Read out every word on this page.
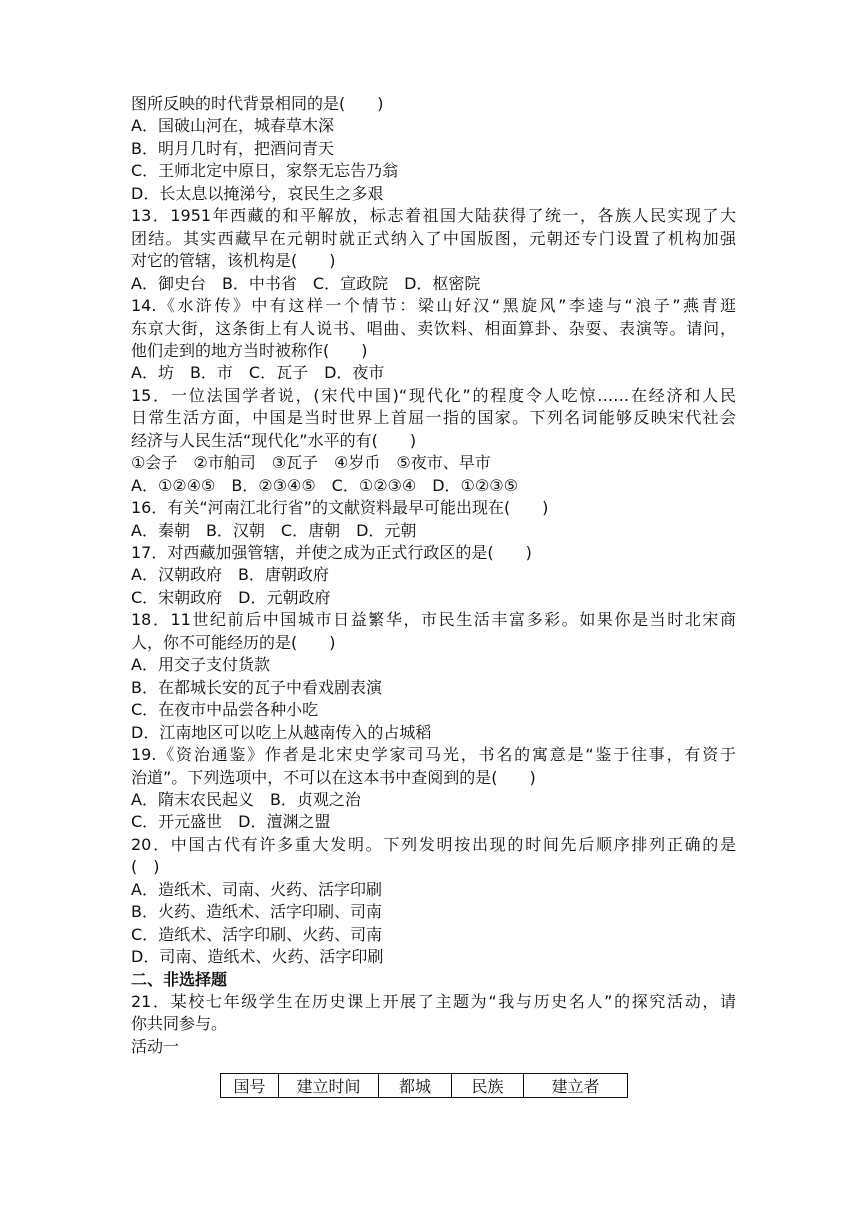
图所反映的时代背景相同的是(　　)
A．国破山河在，城春草木深
B．明月几时有，把酒问青天
C．王师北定中原日，家祭无忘告乃翁
D．长太息以掩涕兮，哀民生之多艰
13．1951年西藏的和平解放，标志着祖国大陆获得了统一，各族人民实现了大
团结。其实西藏早在元朝时就正式纳入了中国版图，元朝还专门设置了机构加强
对它的管辖，该机构是(　　)
A．御史台　B．中书省　C．宣政院　D．枢密院
14.《水浒传》中有这样一个情节：梁山好汉“黑旋风”李逵与“浪子”燕青逛
东京大街，这条街上有人说书、唱曲、卖饮料、相面算卦、杂耍、表演等。请问，
他们走到的地方当时被称作(　　)
A．坊　B．市　C．瓦子　D．夜市
15．一位法国学者说，(宋代中国)“现代化”的程度令人吃惊……在经济和人民
日常生活方面，中国是当时世界上首屈一指的国家。下列名词能够反映宋代社会
经济与人民生活“现代化”水平的有(　　)
①会子　②市舶司　③瓦子　④岁币　⑤夜市、早市
A．①②④⑤　B．②③④⑤　C．①②③④　D．①②③⑤
16．有关“河南江北行省”的文献资料最早可能出现在(　　)
A．秦朝　B．汉朝　C．唐朝　D．元朝
17．对西藏加强管辖，并使之成为正式行政区的是(　　)
A．汉朝政府　B．唐朝政府
C．宋朝政府　D．元朝政府
18．11世纪前后中国城市日益繁华，市民生活丰富多彩。如果你是当时北宋商
人，你不可能经历的是(　　)
A．用交子支付货款
B．在都城长安的瓦子中看戏剧表演
C．在夜市中品尝各种小吃
D．江南地区可以吃上从越南传入的占城稻
19.《资治通鉴》作者是北宋史学家司马光，书名的寓意是“鉴于往事，有资于
治道”。下列选项中，不可以在这本书中查阅到的是(　　)
A．隋末农民起义　B．贞观之治
C．开元盛世　D．澶渊之盟
20．中国古代有许多重大发明。下列发明按出现的时间先后顺序排列正确的是
(　)
A．造纸术、司南、火药、活字印刷
B．火药、造纸术、活字印刷、司南
C．造纸术、活字印刷、火药、司南
D．司南、造纸术、火药、活字印刷
二、非选择题
21．某校七年级学生在历史课上开展了主题为“我与历史名人”的探究活动，请
你共同参与。
活动一
国号	建立时间	都城	民族	建立者
